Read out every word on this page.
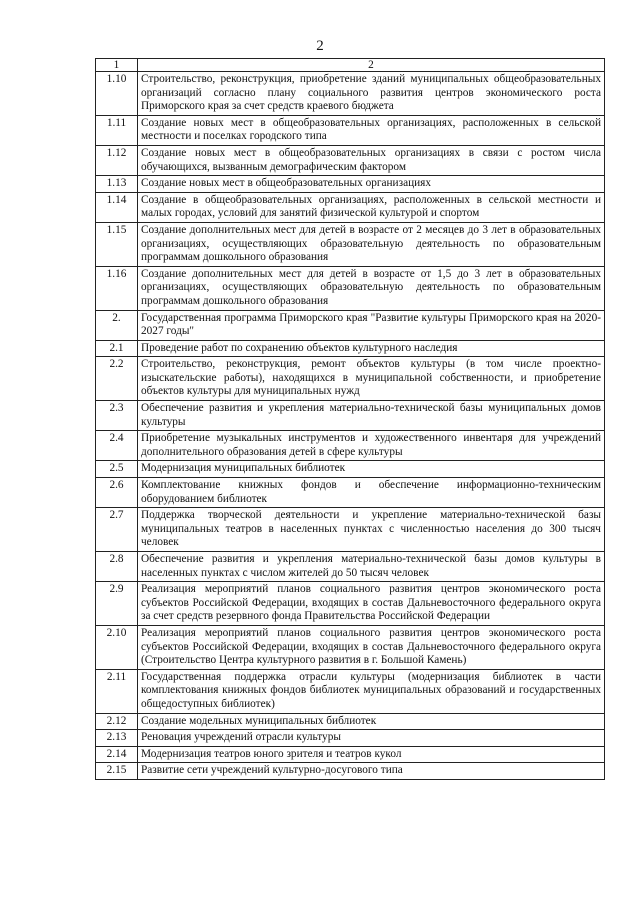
2
1	2
1.10	Строительство, реконструкция, приобретение зданий муниципальных общеобразовательных организаций согласно плану социального развития центров экономического роста Приморского края за счет средств краевого бюджета
1.11	Создание новых мест в общеобразовательных организациях, расположенных в сельской местности и поселках городского типа
1.12	Создание новых мест в общеобразовательных организациях в связи с ростом числа обучающихся, вызванным демографическим фактором
1.13	Создание новых мест в общеобразовательных организациях
1.14	Создание в общеобразовательных организациях, расположенных в сельской местности и малых городах, условий для занятий физической культурой и спортом
1.15	Создание дополнительных мест для детей в возрасте от 2 месяцев до 3 лет в образовательных организациях, осуществляющих образовательную деятельность по образовательным программам дошкольного образования
1.16	Создание дополнительных мест для детей в возрасте от 1,5 до 3 лет в образовательных организациях, осуществляющих образовательную деятельность по образовательным программам дошкольного образования
2.	Государственная программа Приморского края "Развитие культуры Приморского края на 2020-2027 годы"
2.1	Проведение работ по сохранению объектов культурного наследия
2.2	Строительство, реконструкция, ремонт объектов культуры (в том числе проектно-изыскательские работы), находящихся в муниципальной собственности, и приобретение объектов культуры для муниципальных нужд
2.3	Обеспечение развития и укрепления материально-технической базы муниципальных домов культуры
2.4	Приобретение музыкальных инструментов и художественного инвентаря для учреждений дополнительного образования детей в сфере культуры
2.5	Модернизация муниципальных библиотек
2.6	Комплектование книжных фондов и обеспечение информационно-техническим оборудованием библиотек
2.7	Поддержка творческой деятельности и укрепление материально-технической базы муниципальных театров в населенных пунктах с численностью населения до 300 тысяч человек
2.8	Обеспечение развития и укрепления материально-технической базы домов культуры в населенных пунктах с числом жителей до 50 тысяч человек
2.9	Реализация мероприятий планов социального развития центров экономического роста субъектов Российской Федерации, входящих в состав Дальневосточного федерального округа за счет средств резервного фонда Правительства Российской Федерации
2.10	Реализация мероприятий планов социального развития центров экономического роста субъектов Российской Федерации, входящих в состав Дальневосточного федерального округа (Строительство Центра культурного развития в г. Большой Камень)
2.11	Государственная поддержка отрасли культуры (модернизация библиотек в части комплектования книжных фондов библиотек муниципальных образований и государственных общедоступных библиотек)
2.12	Создание модельных муниципальных библиотек
2.13	Реновация учреждений отрасли культуры
2.14	Модернизация театров юного зрителя и театров кукол
2.15	Развитие сети учреждений культурно-досугового типа
